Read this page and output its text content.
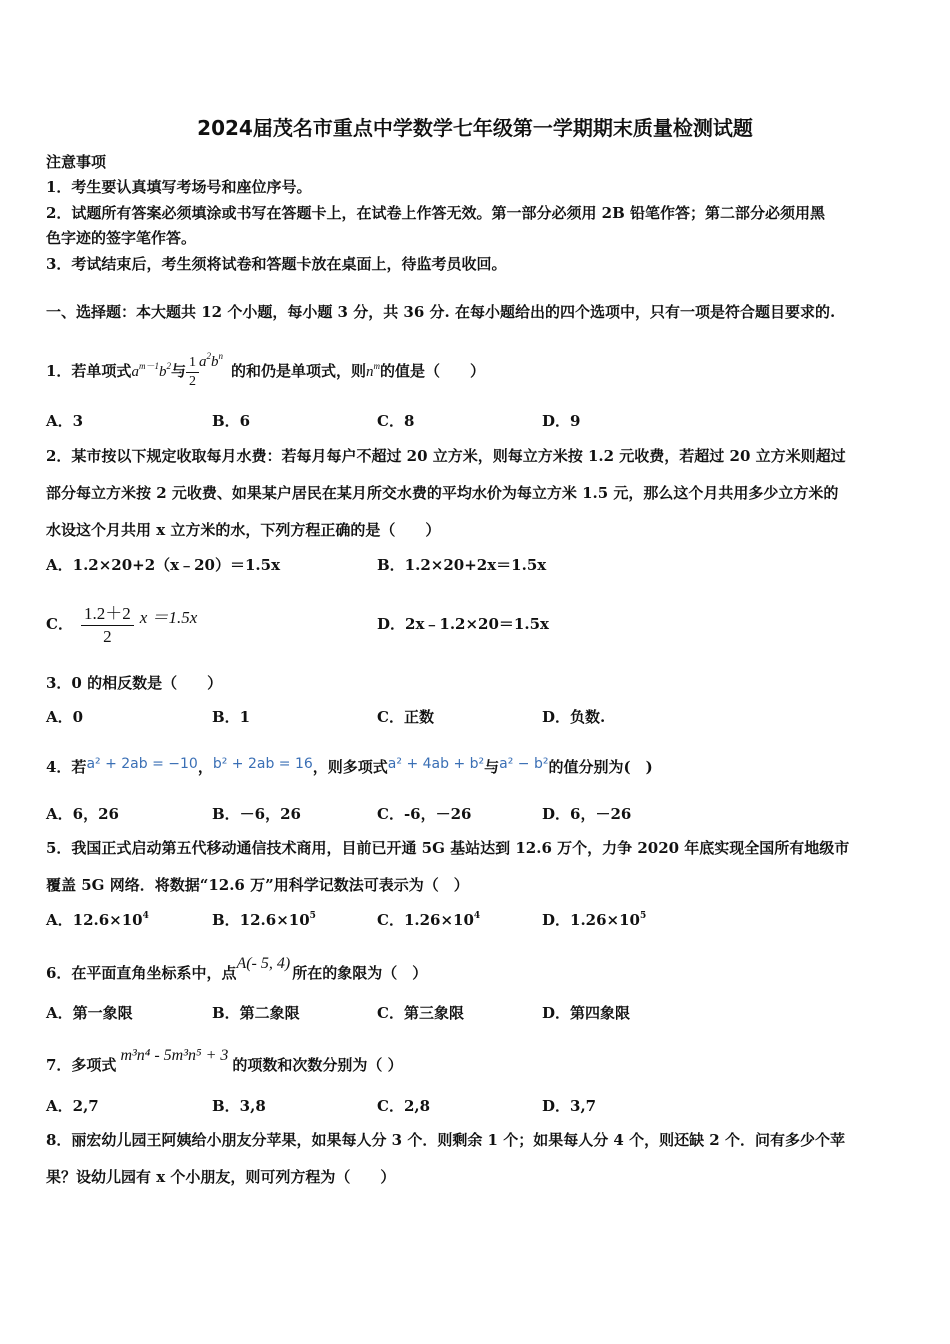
2024届茂名市重点中学数学七年级第一学期期末质量检测试题
注意事项
1．考生要认真填写考场号和座位序号。
2．试题所有答案必须填涂或书写在答题卡上，在试卷上作答无效。第一部分必须用 2B 铅笔作答；第二部分必须用黑
色字迹的签字笔作答。
3．考试结束后，考生须将试卷和答题卡放在桌面上，待监考员收回。
一、选择题：本大题共 12 个小题，每小题 3 分，共 36 分. 在每小题给出的四个选项中，只有一项是符合题目要求的.
1．若单项式$a^{m-1}b^2$与 $\frac{1}{2} a^2b^n$的和仍是单项式，则$n^m$的值是（　　）
A．3	B．6	C．8	D．9
2．某市按以下规定收取每月水费：若每月每户不超过 20 立方米，则每立方米按 1.2 元收费，若超过 20 立方米则超过
部分每立方米按 2 元收费、如果某户居民在某月所交水费的平均水价为每立方米 1.5 元，那么这个月共用多少立方米的
水设这个月共用 x 立方米的水，下列方程正确的是（　　）
A．1.2×20+2（x﹣20）＝1.5x	B．1.2×20+2x＝1.5x
C． $\frac{1.2+2}{2}$ x ＝1.5x	D．2x﹣1.2×20＝1.5x
3．0 的相反数是（　　）
A．0	B．1	C．正数	D．负数.
4．若a² + 2ab = −10，b² + 2ab = 16，则多项式a² + 4ab + b²与a² − b²的值分别为(　)
A．6，26	B．－6，26	C．-6，－26	D．6，－26
5．我国正式启动第五代移动通信技术商用，目前已开通 5G 基站达到 12.6 万个，力争 2020 年底实现全国所有地级市
覆盖 5G 网络．将数据“12.6 万”用科学记数法可表示为（　）
A．$12.6\times 10^4$	B．$12.6\times 10^5$	C．$1.26\times 10^4$	D．$1.26\times 10^5$
6．在平面直角坐标系中，点A(- 5, 4)所在的象限为（　）
A．第一象限	B．第二象限	C．第三象限	D．第四象限
7．多项式m³n⁴ - 5m³n⁵ + 3的项数和次数分别为（ ）
A．2,7	B．3,8	C．2,8	D．3,7
8．丽宏幼儿园王阿姨给小朋友分苹果，如果每人分 3 个．则剩余 1 个；如果每人分 4 个，则还缺 2 个．问有多少个苹
果？设幼儿园有 x 个小朋友，则可列方程为（　　）
